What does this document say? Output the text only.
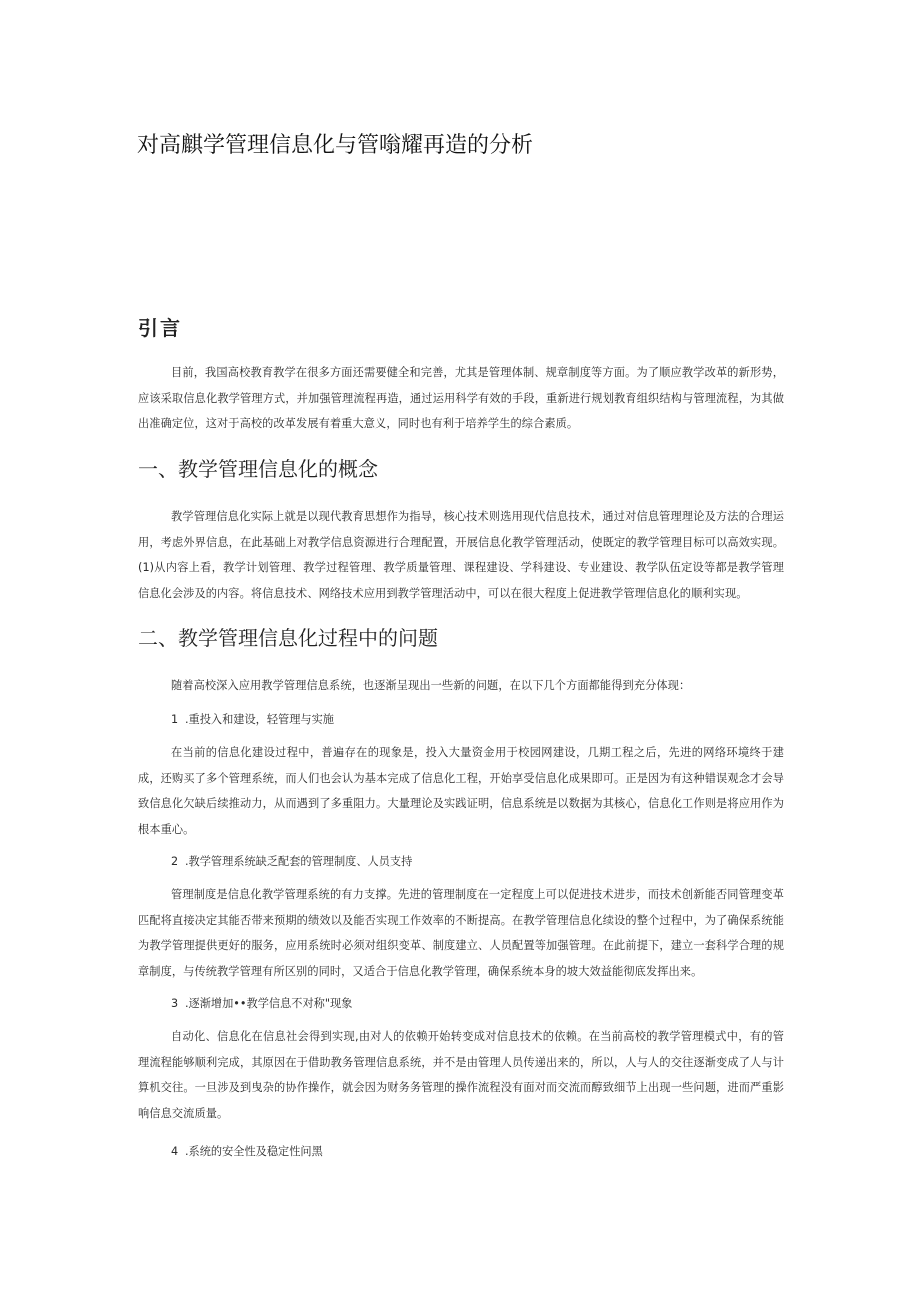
对高麒学管理信息化与管嗡耀再造的分析
引言

目前，我国高校教育教学在很多方面还需要健全和完善，尤其是管理体制、规章制度等方面。为了顺应教学改革的新形势，应该采取信息化教学管理方式，并加强管理流程再造，通过运用科学有效的手段，重新进行规划教育组织结构与管理流程，为其做出准确定位，这对于高校的改革发展有着重大意义，同时也有利于培养学生的综合素质。

一、教学管理信息化的概念

教学管理信息化实际上就是以现代教育思想作为指导，核心技术则选用现代信息技术，通过对信息管理理论及方法的合理运用，考虑外界信息，在此基础上对教学信息资源进行合理配置，开展信息化教学管理活动，使既定的教学管理目标可以高效实现。(1)从内容上看，教学计划管理、教学过程管理、教学质量管理、课程建设、学科建设、专业建设、教学队伍定设等都是教学管理信息化会涉及的内容。将信息技术、网络技术应用到教学管理活动中，可以在很大程度上促进教学管理信息化的顺利实现。

二、教学管理信息化过程中的问题

随着高校深入应用教学管理信息系统，也逐渐呈现出一些新的问题，在以下几个方面都能得到充分体现：

1 .重投入和建设，轻管理与实施

在当前的信息化建设过程中，普遍存在的现象是，投入大量资金用于校园网建设，几期工程之后，先进的网络环境终于建成，还购买了多个管理系统，而人们也会认为基本完成了信息化工程，开始享受信息化成果即可。正是因为有这种错误观念才会导致信息化欠缺后续推动力，从而遇到了多重阻力。大量理论及实践证明，信息系统是以数据为其核心，信息化工作则是将应用作为根本重心。

2 .教学管理系统缺乏配套的管理制度、人员支持

管理制度是信息化教学管理系统的有力支撑。先进的管理制度在一定程度上可以促进技术进步，而技术创新能否同管理变革匹配将直接决定其能否带来预期的绩效以及能否实现工作效率的不断提高。在教学管理信息化续设的整个过程中，为了确保系统能为教学管理提供更好的服务，应用系统时必须对组织变革、制度建立、人员配置等加强管理。在此前提下，建立一套科学合理的规章制度，与传统教学管理有所区别的同时，又适合于信息化教学管理，确保系统本身的坡大效益能彻底发挥出来。

3 .逐渐增加••教学信息不对称"现象

自动化、信息化在信息社会得到实现,由对人的依赖开始转变成对信息技术的依赖。在当前高校的教学管理模式中，有的管理流程能够顺利完成，其原因在于借助教务管理信息系统，并不是由管理人员传递出来的，所以，人与人的交往逐渐变成了人与计算机交往。一旦涉及到曳杂的协作操作，就会因为财务务管理的操作流程没有面对而交流而醇致细节上出现一些问题，进而严重影响信息交流质量。

4 .系统的安全性及稳定性问黑
